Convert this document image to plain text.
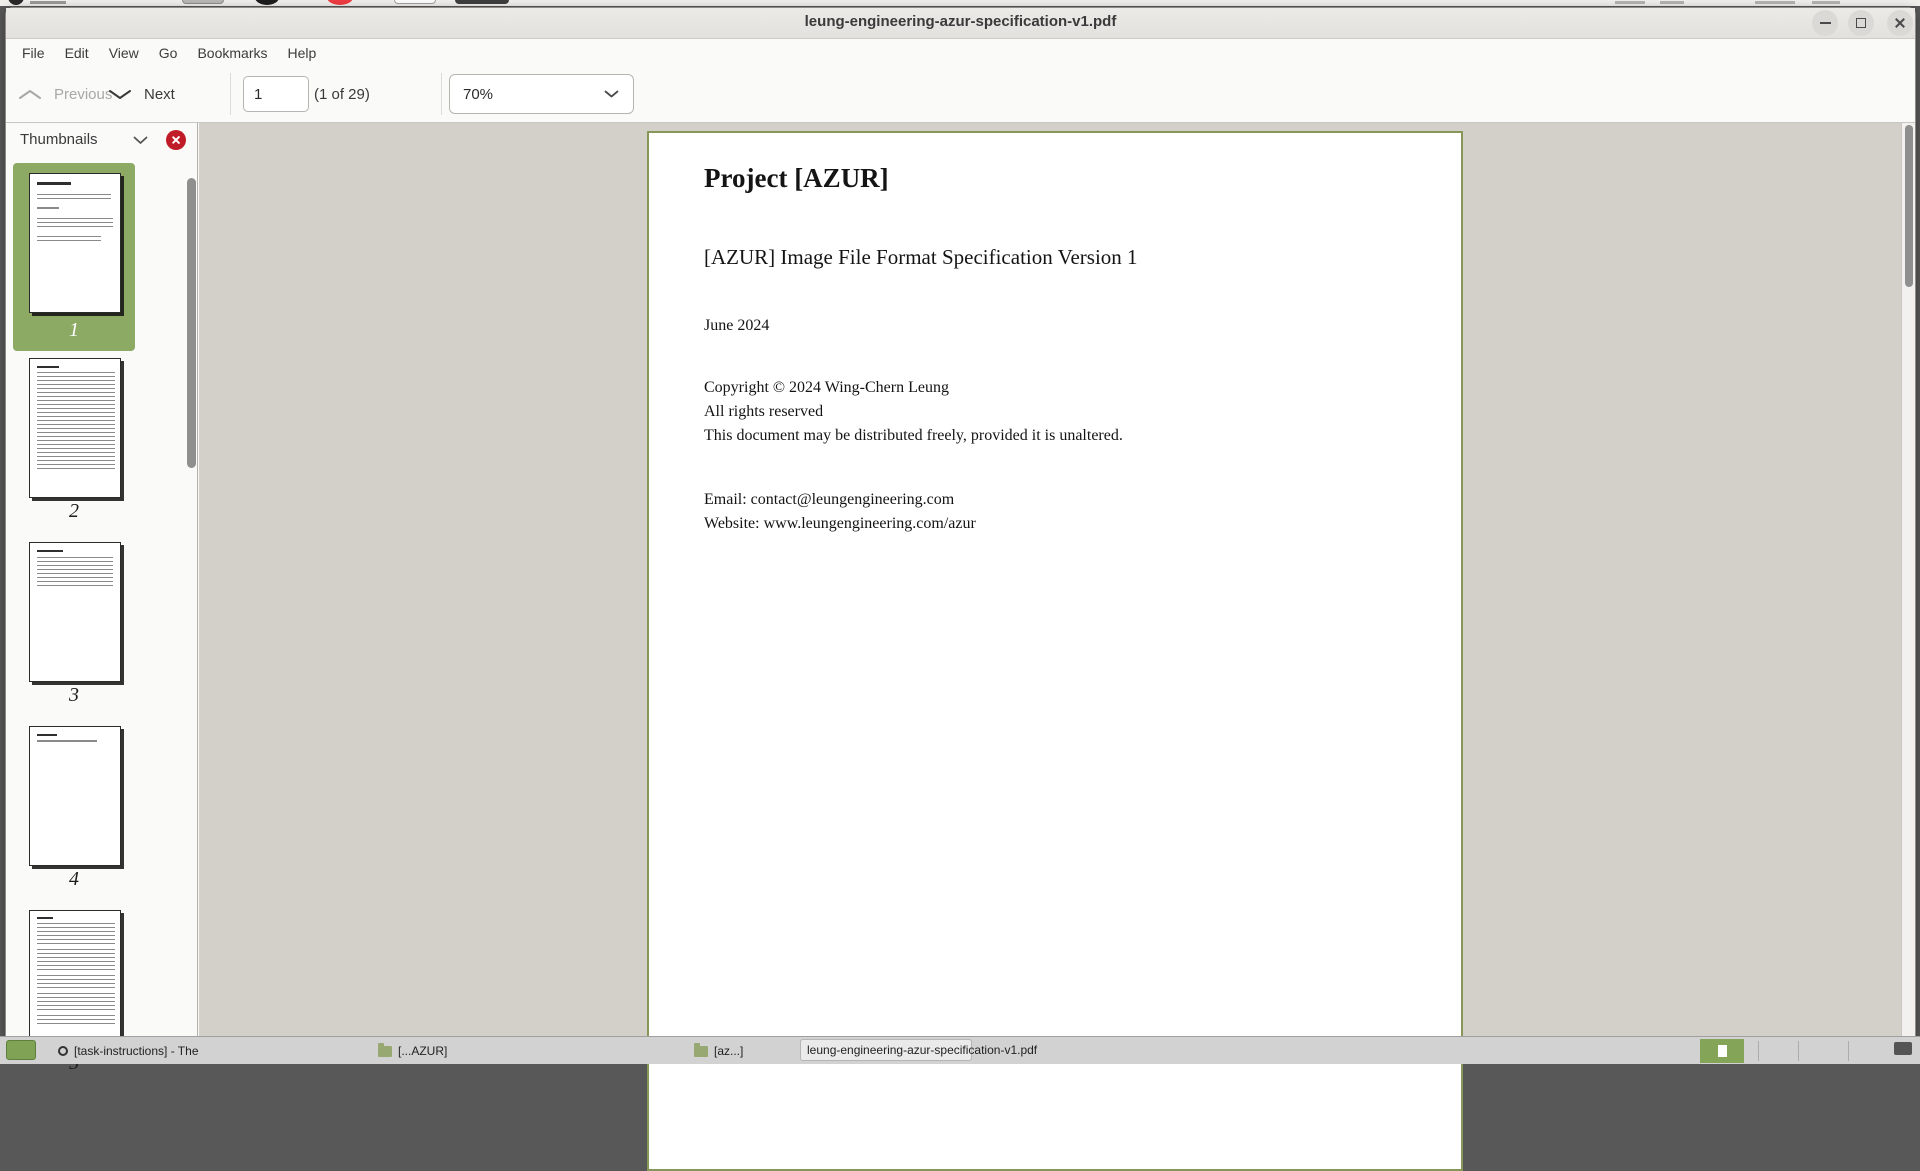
leung-engineering-azur-specification-v1.pdf
File	Edit	View	Go	Bookmarks	Help
Previous Next
1	(1 of 29)	70%
Thumbnails
1
2
3
4
Project [AZUR]
[AZUR] Image File Format Specification Version 1
June 2024
Copyright © 2024 Wing-Chern Leung
All rights reserved
This document may be distributed freely, provided it is unaltered.
Email: contact@leungengineering.com
Website: www.leungengineering.com/azur
[task-instructions] - The	[...AZUR]	[az...]	leung-engineering-azur-specification-v1.pdf
